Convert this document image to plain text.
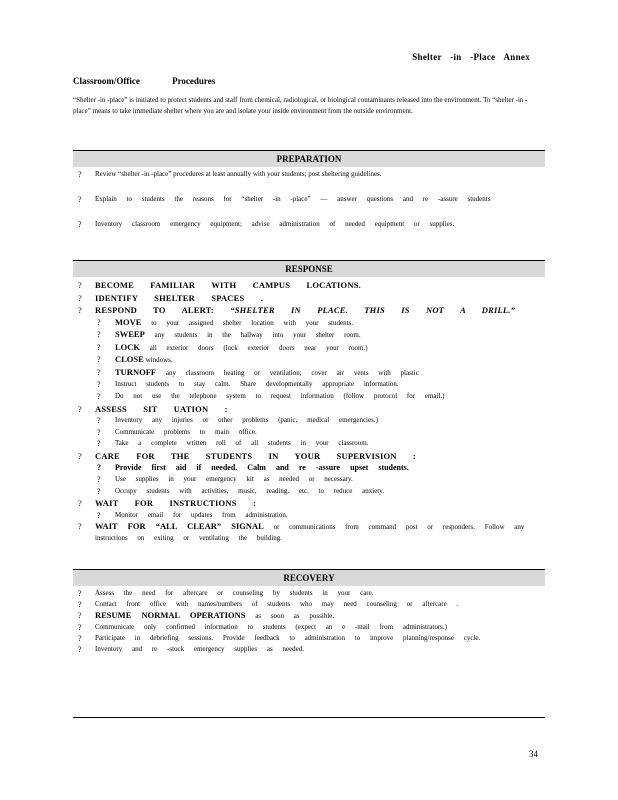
Shelter -in -Place Annex
Classroom/Office Procedures
“Shelter -in -place” is initiated to protect students and staff from chemical, radiological, or biological contaminants released into the environment. To “shelter -in -place” means to take immediate shelter where you are and isolate your inside environment from the outside environment.
PREPARATION
? Review “shelter -in -place” procedures at least annually with your students; post sheltering guidelines.
? Explain to students the reasons for “shelter -in -place” — answer questions and re -assure students
? Inventory classroom emergency equipment; advise administration of needed equipment or supplies.
RESPONSE
? BECOME FAMILIAR WITH CAMPUS LOCATIONS.
? IDENTIFY SHELTER SPACES .
? RESPOND TO ALERT: “SHELTER IN PLACE. THIS IS NOT A DRILL.”
? MOVE to your assigned shelter location with your students.
? SWEEP any students in the hallway into your shelter room.
? LOCK all exterior doors (lock exterior doors near your room.)
? CLOSE windows.
? TURNOFF any classroom heating or ventilation; cover air vents with plastic
? Instruct students to stay calm. Share developmentally appropriate information.
? Do not use the telephone system to request information (follow protocol for email.)
? ASSESS SIT UATION :
? Inventory any injuries or other problems (panic, medical emergencies.)
? Communicate problems to main office.
? Take a complete written roll of all students in your classroom.
? CARE FOR THE STUDENTS IN YOUR SUPERVISION :
? Provide first aid if needed. Calm and re -assure upset students.
? Use supplies in your emergency kit as needed or necessary.
? Occupy students with activities, music, reading, etc. to reduce anxiety.
? WAIT FOR INSTRUCTIONS :
? Monitor email for updates from administration.
? WAIT FOR “ALL CLEAR” SIGNAL or communications from command post or responders. Follow any instructions on exiting or ventilating the building.
RECOVERY
? Assess the need for aftercare or counseling by students in your care.
? Contact front office with names/numbers of students who may need counseling or aftercare .
? RESUME NORMAL OPERATIONS as soon as possible.
? Communicate only confirmed information to students (expect an e -mail from administrators.)
? Participate in debriefing sessions. Provide feedback to administration to improve planning/response cycle.
? Inventory and re -stock emergency supplies as needed.
34
